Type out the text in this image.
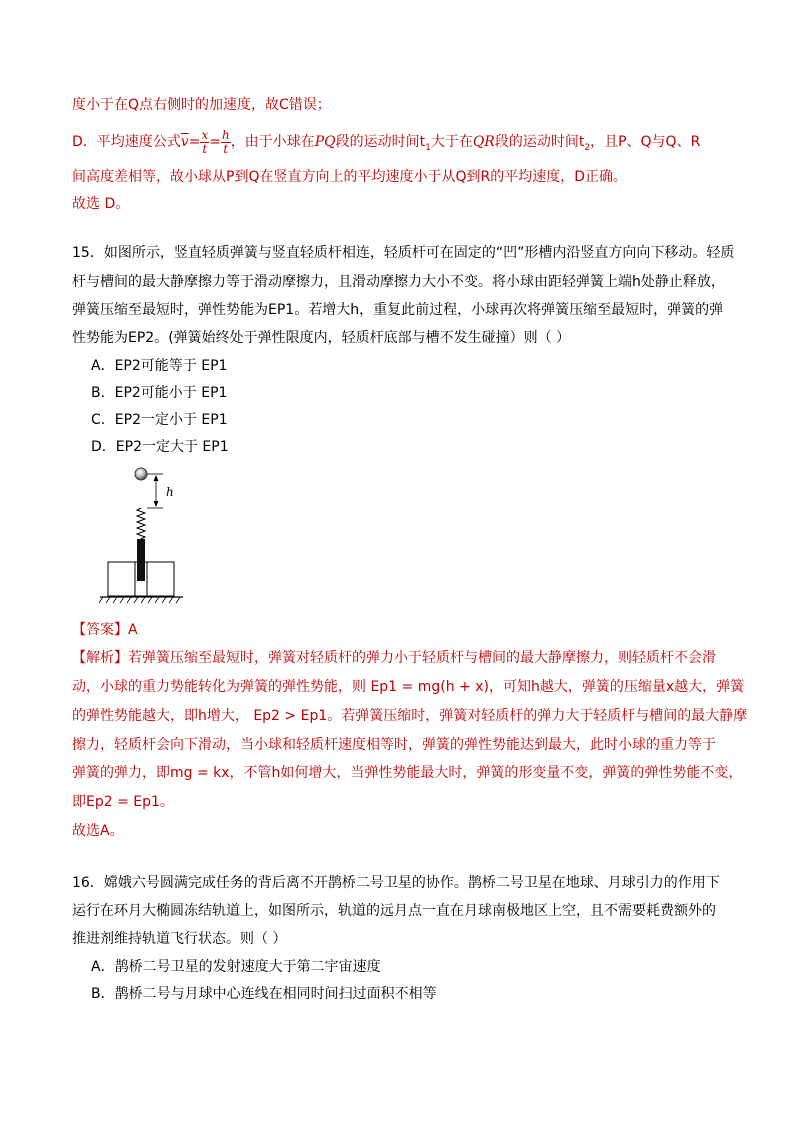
度小于在Q点右侧时的加速度，故C错误；
D．平均速度公式$\overline{v}= \frac{x}{t} = \frac{h}{t}$ ，由于小球在PQ段的运动时间$t_1$大于在QR段的运动时间$t_2$，且P、Q与Q、R
间高度差相等，故小球从P到Q在竖直方向上的平均速度小于从Q到R的平均速度，D正确。
故选 D。
15．如图所示，竖直轻质弹簧与竖直轻质杆相连，轻质杆可在固定的“凹”形槽内沿竖直方向向下移动。轻质
杆与槽间的最大静摩擦力等于滑动摩擦力，且滑动摩擦力大小不变。将小球由距轻弹簧上端h处静止释放，
弹簧压缩至最短时，弹性势能为EP1。若增大h，重复此前过程，小球再次将弹簧压缩至最短时，弹簧的弹
性势能为EP2。(弹簧始终处于弹性限度内，轻质杆底部与槽不发生碰撞）则（ ）
A．EP2可能等于 EP1
B．EP2可能小于 EP1
C．EP2一定小于 EP1
D．EP2一定大于 EP1
h
【答案】A
【解析】若弹簧压缩至最短时，弹簧对轻质杆的弹力小于轻质杆与槽间的最大静摩擦力，则轻质杆不会滑
动，小球的重力势能转化为弹簧的弹性势能，则 Ep1 = mg(h + x)，可知h越大，弹簧的压缩量x越大，弹簧
的弹性势能越大，即h增大， Ep2 > Ep1。若弹簧压缩时，弹簧对轻质杆的弹力大于轻质杆与槽间的最大静摩
擦力，轻质杆会向下滑动，当小球和轻质杆速度相等时，弹簧的弹性势能达到最大，此时小球的重力等于
弹簧的弹力，即mg = kx，不管h如何增大，当弹性势能最大时，弹簧的形变量不变，弹簧的弹性势能不变，
即Ep2 = Ep1。
故选A。
16．嫦娥六号圆满完成任务的背后离不开鹊桥二号卫星的协作。鹊桥二号卫星在地球、月球引力的作用下
运行在环月大椭圆冻结轨道上，如图所示，轨道的远月点一直在月球南极地区上空，且不需要耗费额外的
推进剂维持轨道飞行状态。则（ ）
A．鹊桥二号卫星的发射速度大于第二宇宙速度
B．鹊桥二号与月球中心连线在相同时间扫过面积不相等
